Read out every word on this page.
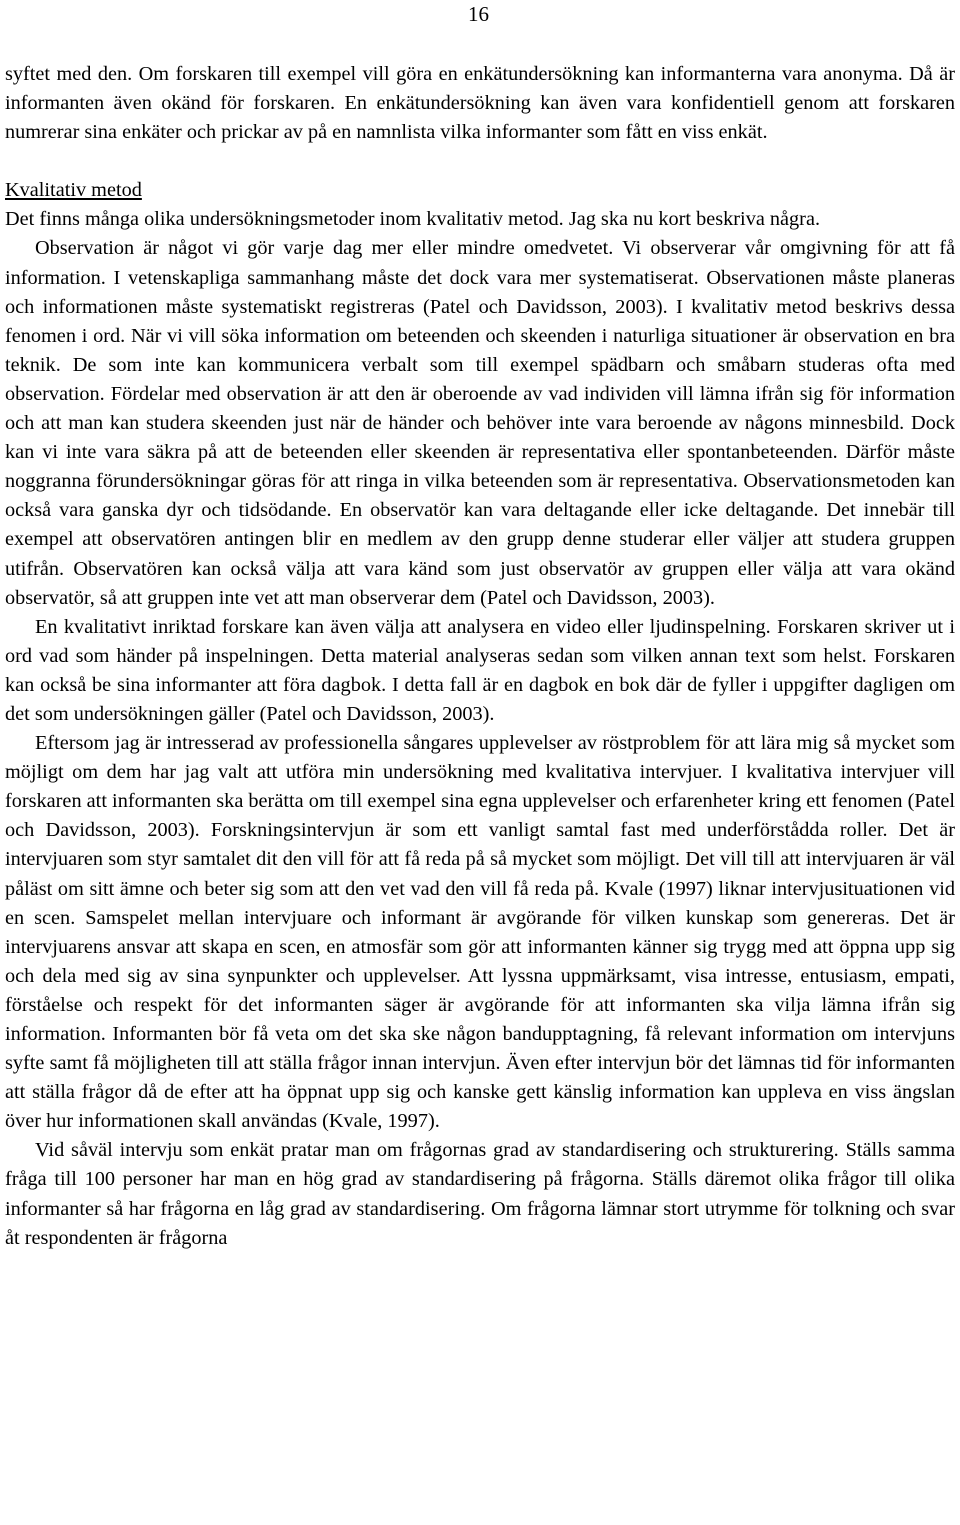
16

syftet med den. Om forskaren till exempel vill göra en enkätundersökning kan informanterna vara anonyma. Då är informanten även okänd för forskaren. En enkätundersökning kan även vara konfidentiell genom att forskaren numrerar sina enkäter och prickar av på en namnlista vilka informanter som fått en viss enkät.

Kvalitativ metod

Det finns många olika undersökningsmetoder inom kvalitativ metod. Jag ska nu kort beskriva några.

Observation är något vi gör varje dag mer eller mindre omedvetet. Vi observerar vår omgivning för att få information. I vetenskapliga sammanhang måste det dock vara mer systematiserat. Observationen måste planeras och informationen måste systematiskt registreras (Patel och Davidsson, 2003). I kvalitativ metod beskrivs dessa fenomen i ord. När vi vill söka information om beteenden och skeenden i naturliga situationer är observation en bra teknik. De som inte kan kommunicera verbalt som till exempel spädbarn och småbarn studeras ofta med observation. Fördelar med observation är att den är oberoende av vad individen vill lämna ifrån sig för information och att man kan studera skeenden just när de händer och behöver inte vara beroende av någons minnesbild. Dock kan vi inte vara säkra på att de beteenden eller skeenden är representativa eller spontanbeteenden. Därför måste noggranna förundersökningar göras för att ringa in vilka beteenden som är representativa. Observationsmetoden kan också vara ganska dyr och tidsödande. En observatör kan vara deltagande eller icke deltagande. Det innebär till exempel att observatören antingen blir en medlem av den grupp denne studerar eller väljer att studera gruppen utifrån. Observatören kan också välja att vara känd som just observatör av gruppen eller välja att vara okänd observatör, så att gruppen inte vet att man observerar dem (Patel och Davidsson, 2003).

En kvalitativt inriktad forskare kan även välja att analysera en video eller ljudinspelning. Forskaren skriver ut i ord vad som händer på inspelningen. Detta material analyseras sedan som vilken annan text som helst. Forskaren kan också be sina informanter att föra dagbok. I detta fall är en dagbok en bok där de fyller i uppgifter dagligen om det som undersökningen gäller (Patel och Davidsson, 2003).

Eftersom jag är intresserad av professionella sångares upplevelser av röstproblem för att lära mig så mycket som möjligt om dem har jag valt att utföra min undersökning med kvalitativa intervjuer. I kvalitativa intervjuer vill forskaren att informanten ska berätta om till exempel sina egna upplevelser och erfarenheter kring ett fenomen (Patel och Davidsson, 2003). Forskningsintervjun är som ett vanligt samtal fast med underförstådda roller. Det är intervjuaren som styr samtalet dit den vill för att få reda på så mycket som möjligt. Det vill till att intervjuaren är väl påläst om sitt ämne och beter sig som att den vet vad den vill få reda på. Kvale (1997) liknar intervjusituationen vid en scen. Samspelet mellan intervjuare och informant är avgörande för vilken kunskap som genereras. Det är intervjuarens ansvar att skapa en scen, en atmosfär som gör att informanten känner sig trygg med att öppna upp sig och dela med sig av sina synpunkter och upplevelser. Att lyssna uppmärksamt, visa intresse, entusiasm, empati, förståelse och respekt för det informanten säger är avgörande för att informanten ska vilja lämna ifrån sig information. Informanten bör få veta om det ska ske någon bandupptagning, få relevant information om intervjuns syfte samt få möjligheten till att ställa frågor innan intervjun. Även efter intervjun bör det lämnas tid för informanten att ställa frågor då de efter att ha öppnat upp sig och kanske gett känslig information kan uppleva en viss ängslan över hur informationen skall användas (Kvale, 1997).

Vid såväl intervju som enkät pratar man om frågornas grad av standardisering och strukturering. Ställs samma fråga till 100 personer har man en hög grad av standardisering på frågorna. Ställs däremot olika frågor till olika informanter så har frågorna en låg grad av standardisering. Om frågorna lämnar stort utrymme för tolkning och svar åt respondenten är frågorna
